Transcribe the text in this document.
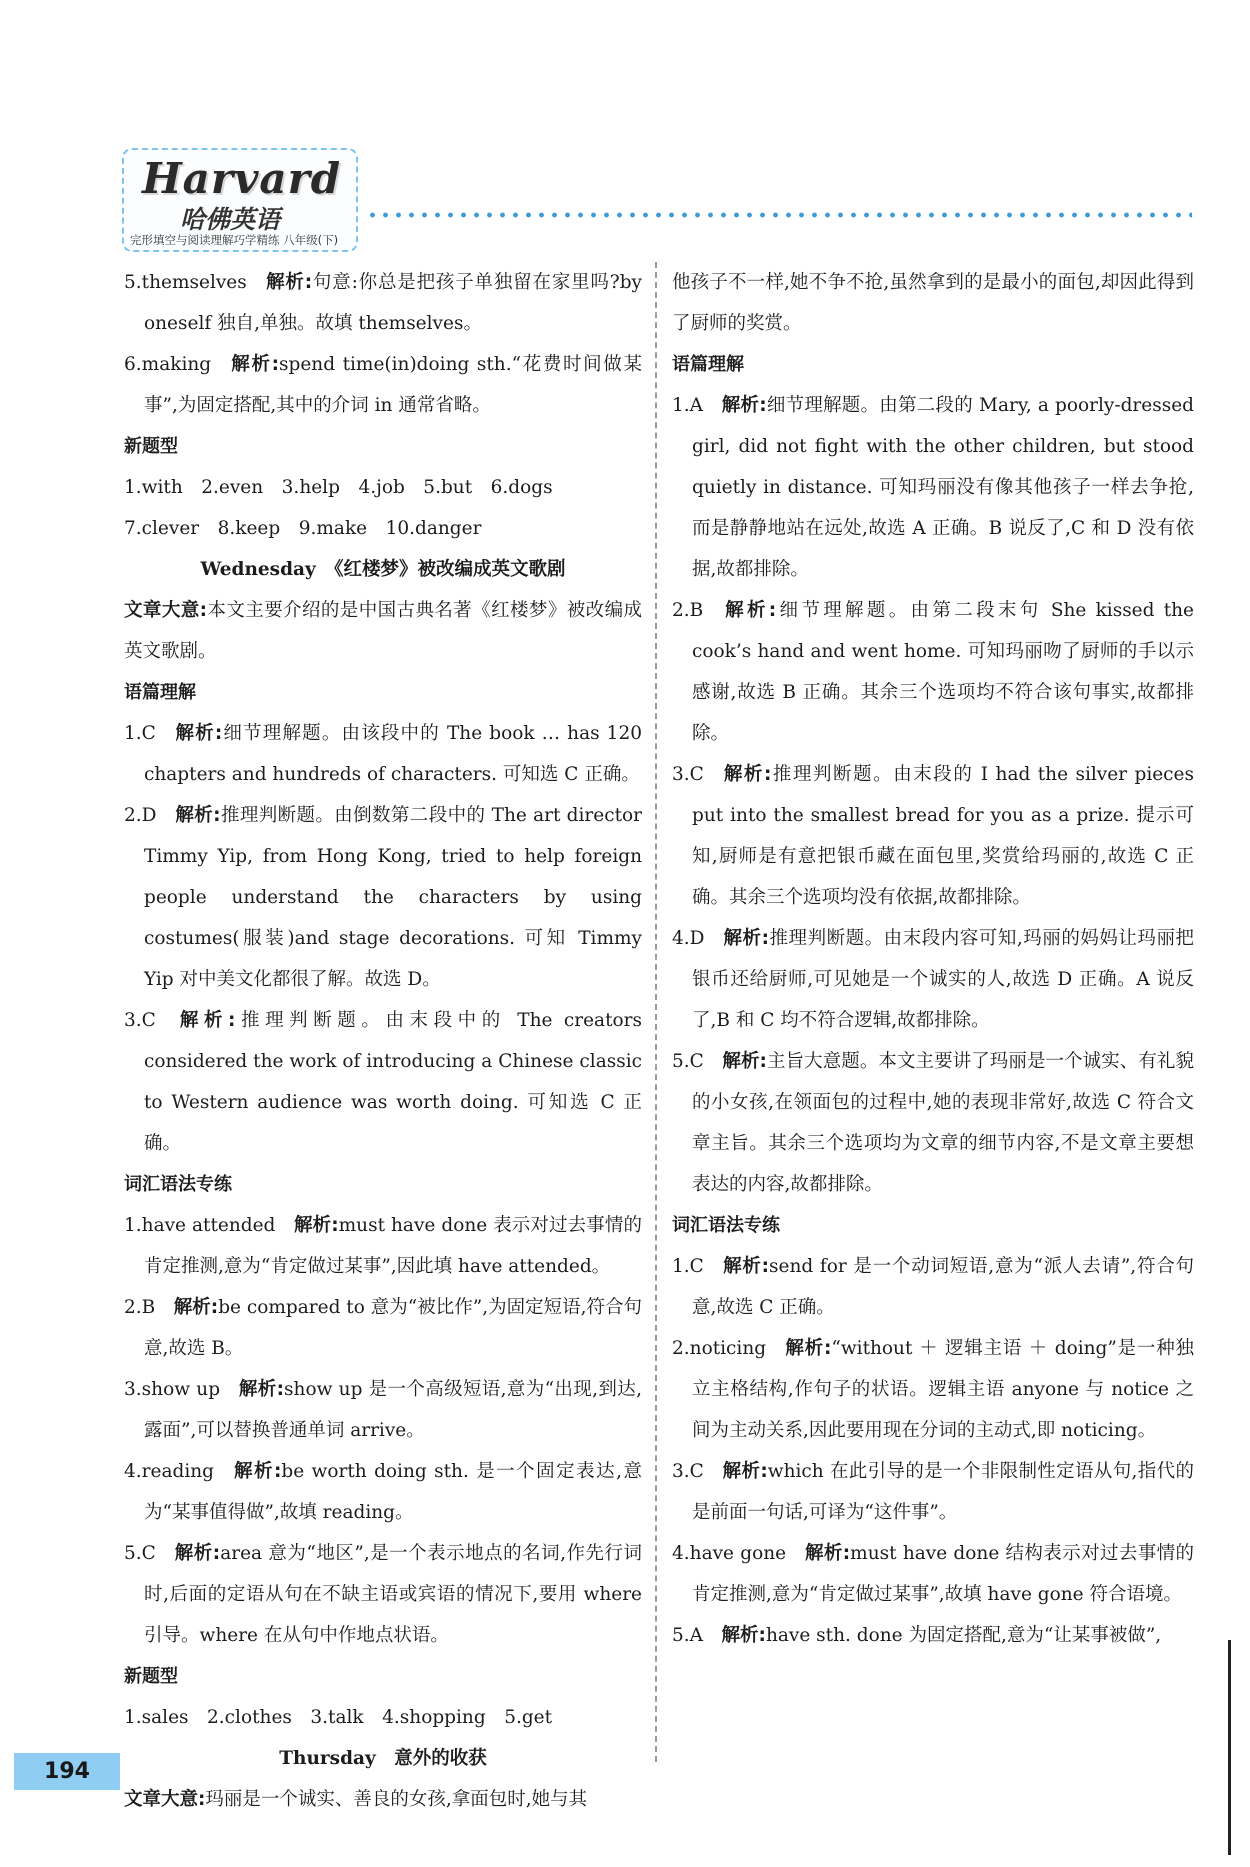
Harvard
哈佛英语
完形填空与阅读理解巧学精练 八年级(下)

5.themselves  解析:句意:你总是把孩子单独留在家里吗?by oneself 独自,单独。故填 themselves。

6.making  解析:spend time(in)doing sth.“花费时间做某事”,为固定搭配,其中的介词 in 通常省略。

新题型

1.with　2.even　3.help　4.job　5.but　6.dogs

7.clever　8.keep　9.make　10.danger

Wednesday　《红楼梦》被改编成英文歌剧

文章大意:本文主要介绍的是中国古典名著《红楼梦》被改编成英文歌剧。

语篇理解

1.C  解析:细节理解题。由该段中的 The book … has 120 chapters and hundreds of characters. 可知选 C 正确。

2.D  解析:推理判断题。由倒数第二段中的 The art director Timmy Yip, from Hong Kong, tried to help foreign people understand the characters by using costumes(服装)and stage decorations. 可知 Timmy Yip 对中美文化都很了解。故选 D。

3.C  解析:推理判断题。由末段中的 The creators considered the work of introducing a Chinese classic to Western audience was worth doing. 可知选 C 正确。

词汇语法专练

1.have attended  解析:must have done 表示对过去事情的肯定推测,意为“肯定做过某事”,因此填 have attended。

2.B  解析:be compared to 意为“被比作”,为固定短语,符合句意,故选 B。

3.show up  解析:show up 是一个高级短语,意为“出现,到达,露面”,可以替换普通单词 arrive。

4.reading  解析:be worth doing sth. 是一个固定表达,意为“某事值得做”,故填 reading。

5.C  解析:area 意为“地区”,是一个表示地点的名词,作先行词时,后面的定语从句在不缺主语或宾语的情况下,要用 where 引导。where 在从句中作地点状语。

新题型

1.sales　2.clothes　3.talk　4.shopping　5.get

Thursday　意外的收获

文章大意:玛丽是一个诚实、善良的女孩,拿面包时,她与其

他孩子不一样,她不争不抢,虽然拿到的是最小的面包,却因此得到了厨师的奖赏。

语篇理解

1.A  解析:细节理解题。由第二段的 Mary, a poorly-dressed girl, did not fight with the other children, but stood quietly in distance. 可知玛丽没有像其他孩子一样去争抢,而是静静地站在远处,故选 A 正确。B 说反了,C 和 D 没有依据,故都排除。

2.B  解析:细节理解题。由第二段末句 She kissed the cook’s hand and went home. 可知玛丽吻了厨师的手以示感谢,故选 B 正确。其余三个选项均不符合该句事实,故都排除。

3.C  解析:推理判断题。由末段的 I had the silver pieces put into the smallest bread for you as a prize. 提示可知,厨师是有意把银币藏在面包里,奖赏给玛丽的,故选 C 正确。其余三个选项均没有依据,故都排除。

4.D  解析:推理判断题。由末段内容可知,玛丽的妈妈让玛丽把银币还给厨师,可见她是一个诚实的人,故选 D 正确。A 说反了,B 和 C 均不符合逻辑,故都排除。

5.C  解析:主旨大意题。本文主要讲了玛丽是一个诚实、有礼貌的小女孩,在领面包的过程中,她的表现非常好,故选 C 符合文章主旨。其余三个选项均为文章的细节内容,不是文章主要想表达的内容,故都排除。

词汇语法专练

1.C  解析:send for 是一个动词短语,意为“派人去请”,符合句意,故选 C 正确。

2.noticing  解析:“without ＋ 逻辑主语 ＋ doing”是一种独立主格结构,作句子的状语。逻辑主语 anyone 与 notice 之间为主动关系,因此要用现在分词的主动式,即 noticing。

3.C  解析:which 在此引导的是一个非限制性定语从句,指代的是前面一句话,可译为“这件事”。

4.have gone  解析:must have done 结构表示对过去事情的肯定推测,意为“肯定做过某事”,故填 have gone 符合语境。

5.A  解析:have sth. done 为固定搭配,意为“让某事被做”,

194
